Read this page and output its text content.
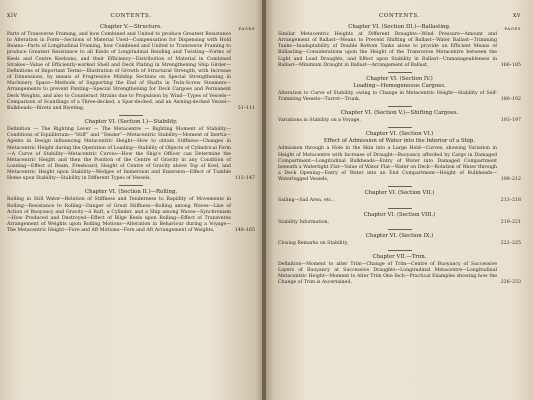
xiv	CONTENTS.
PAGES

Chapter V.—Structure.

Parts of Transverse Framing, and how Combined and United to produce Greatest Resistance to Alteration in Form—Sections of Material Used—Compensation for Dispensing with Hold Beams—Parts of Longitudinal Framing, how Combined and United to Transverse Framing to produce Greatest Resistance to all Kinds of Longitudinal Bending and Twisting—Forms of Keels and Centre Keelsons, and their Efficiency—Distribution of Material in Combined Strakes—Value of Efficiently-worked Shell and Deck Plating in Strengthening Ship Girder—Definitions of Important Terms—Illustration of Growth of Structural Strength, with Increase of Dimensions, by means of Progressive Midship Sections on Special Strengthening in Machinery Space—Methods of Supporting the End of Shafts in Twin-Screw Steamers—Arrangements to prevent Panting—Special Strengthening for Deck Cargoes and Permanent Deck Weights, and also to Counteract Strains due to Propulsion by Wind—Types of Vessels—Comparison of Scantlings of a Three-decked, a Spar-decked, and an Awning-decked Vessel—Bulkheads—Rivets and Riveting,	51–111

Chapter VI. (Section I.)—Stability.

Definition — The Righting Lever — The Metacentre — Righting Moment of Stability—Conditions of Equilibrium—“Stiff” and “Tender”—Metacentric Stability—Moment of Inertia—Agents in Design influencing Metacentric Height—How to obtain Stiffness—Changes in Metacentric Height during the Operation of Loading—Stability of Objects of Cylindrical Form—A Curve of Stability—Metacentric Curves—How the Ship's Officer can Determine the Metacentric Height and then the Position of the Centre of Gravity in any Condition of Loading—Effect of Beam, Freeboard, Height of Centre of Gravity above Top of Keel, and Metacentric Height upon Stability—Wedges of Immersion and Emersion—Effect of Tumble Home upon Stability—Stability in Different Types of Vessels,	112–147

Chapter VI. (Section II.)—Rolling.

Rolling in Still Water—Relation of Stiffness and Tenderness to Rapidity of Movements in Rolling—Resistance to Rolling—Danger of Great Stiffness—Rolling among Waves—Line of Action of Buoyancy and Gravity—A Raft, a Cylinder, and a Ship among Waves—Synchronism—How Produced and Destroyed—Effect of Bilge Keels upon Rolling—Effect of Transverse Arrangement of Weights upon Rolling Motions—Alteration in Behaviour during a Voyage—The Metacentric Height—Fore and Aft Motions—Fore and Aft Arrangement of Weights,	148–165

CONTENTS.	xv
PAGES

Chapter VI. (Section III.)—Ballasting.

Similar Metacentric Heights at Different Draughts—Wind Pressure—Amount and Arrangement of Ballast—Means to Prevent Shifting of Ballast—Water Ballast—Trimming Tanks—Inadaptability of Double Bottom Tanks alone to provide an Efficient Means of Ballasting—Considerations upon the Height of the Transverse Metacentre between the Light and Load Draughts, and Effect upon Stability in Ballast—Unmanageableness in Ballast—Minimum Draught in Ballast—Arrangement of Ballast,	166–185

Chapter VI. (Section IV.)

Loading—Homogeneous Cargoes.

Alteration to Curve of Stability, owing to Change in Metacentric Height—Stability of Self-Trimming Vessels—Turret—Trunk,	186–192

Chapter VI. (Section V.)—Shifting Cargoes.

Variations in Stability on a Voyage,	193–197

Chapter VI. (Section VI.)

Effect of Admission of Water into the Interior of a Ship.

Admission through a Hole in the Skin into a Large Hold—Curves, showing Variation in Height of Metacentre with Increase of Draught—Buoyancy afforded by Cargo in Damaged Compartment—Longitudinal Bulkheads—Entry of Water into Damaged Compartment beneath a Watertight Flat—Value of Water Flat—Water on Deck—Rotation of Water through a Deck Opening—Entry of Water into an End Compartment—Height of Bulkheads—Waterlogged Vessels,	198–212

Chapter VI. (Section VII.)

Sailing—Sail Area, etc.,	213–218

Chapter VI. (Section VIII.)

Stability Information,	219–221

Chapter VI. (Section IX.)

Closing Remarks on Stability,	222–225

Chapter VII.—Trim.

Definition—Moment to alter Trim—Change of Trim—Centre of Buoyancy of Successive Layers of Buoyancy at Successive Draughts—Longitudinal Metacentre—Longitudinal Metacentric Height—Moment to Alter Trim One Inch—Practical Examples showing how the Change of Trim is Ascertained,	226–233
